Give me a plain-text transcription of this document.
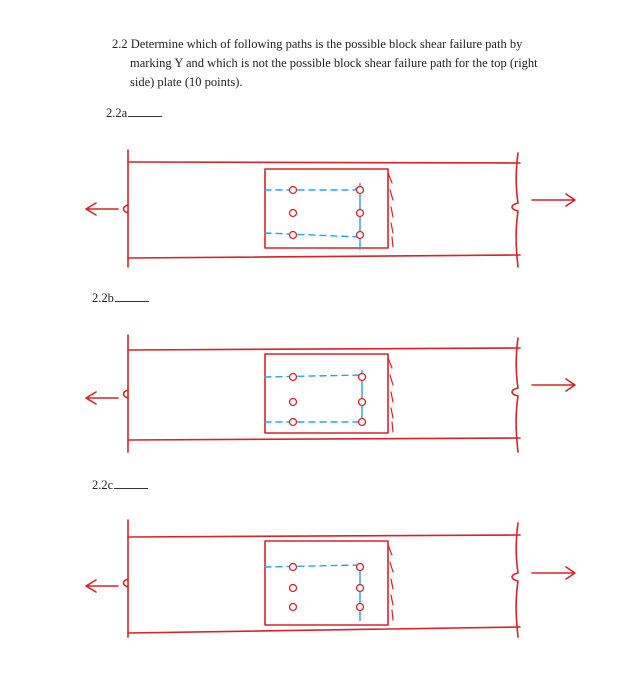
2.2 Determine which of following paths is the possible block shear failure path by
marking Y and which is not the possible block shear failure path for the top (right
side) plate (10 points).
2.2a
2.2b
2.2c
